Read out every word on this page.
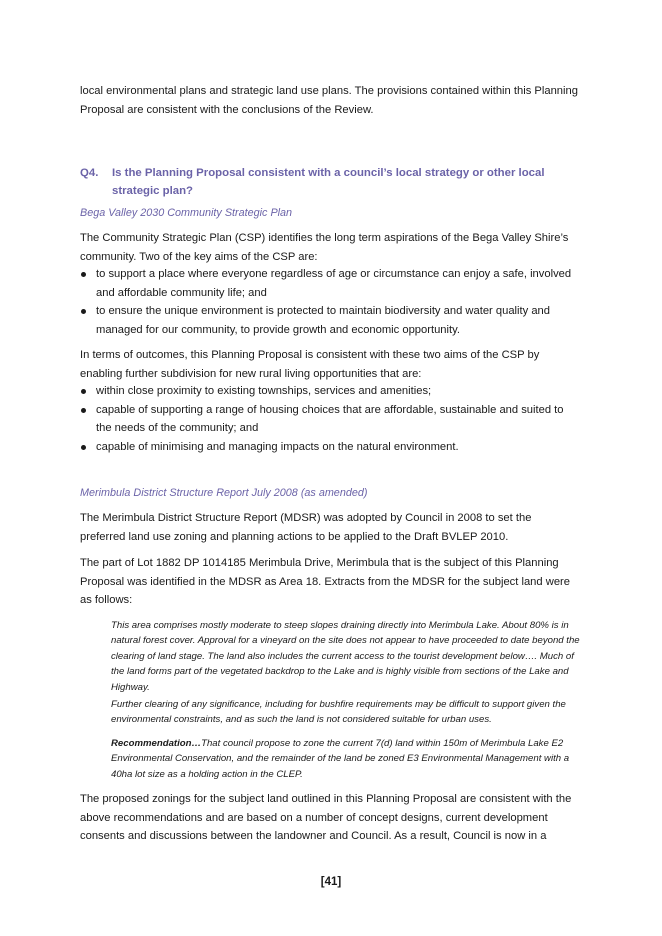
local environmental plans and strategic land use plans. The provisions contained within this Planning Proposal are consistent with the conclusions of the Review.

Q4. Is the Planning Proposal consistent with a council’s local strategy or other local strategic plan?

Bega Valley 2030 Community Strategic Plan

The Community Strategic Plan (CSP) identifies the long term aspirations of the Bega Valley Shire’s community. Two of the key aims of the CSP are:

to support a place where everyone regardless of age or circumstance can enjoy a safe, involved and affordable community life; and
to ensure the unique environment is protected to maintain biodiversity and water quality and managed for our community, to provide growth and economic opportunity.

In terms of outcomes, this Planning Proposal is consistent with these two aims of the CSP by enabling further subdivision for new rural living opportunities that are:

within close proximity to existing townships, services and amenities;
capable of supporting a range of housing choices that are affordable, sustainable and suited to the needs of the community; and
capable of minimising and managing impacts on the natural environment.

Merimbula District Structure Report July 2008 (as amended)

The Merimbula District Structure Report (MDSR) was adopted by Council in 2008 to set the preferred land use zoning and planning actions to be applied to the Draft BVLEP 2010.

The part of Lot 1882 DP 1014185 Merimbula Drive, Merimbula that is the subject of this Planning Proposal was identified in the MDSR as Area 18. Extracts from the MDSR for the subject land were as follows:

This area comprises mostly moderate to steep slopes draining directly into Merimbula Lake. About 80% is in natural forest cover. Approval for a vineyard on the site does not appear to have proceeded to date beyond the clearing of land stage. The land also includes the current access to the tourist development below…. Much of the land forms part of the vegetated backdrop to the Lake and is highly visible from sections of the Lake and Highway.

Further clearing of any significance, including for bushfire requirements may be difficult to support given the environmental constraints, and as such the land is not considered suitable for urban uses.

Recommendation…That council propose to zone the current 7(d) land within 150m of Merimbula Lake E2 Environmental Conservation, and the remainder of the land be zoned E3 Environmental Management with a 40ha lot size as a holding action in the CLEP.

The proposed zonings for the subject land outlined in this Planning Proposal are consistent with the above recommendations and are based on a number of concept designs, current development consents and discussions between the landowner and Council. As a result, Council is now in a

[41]
